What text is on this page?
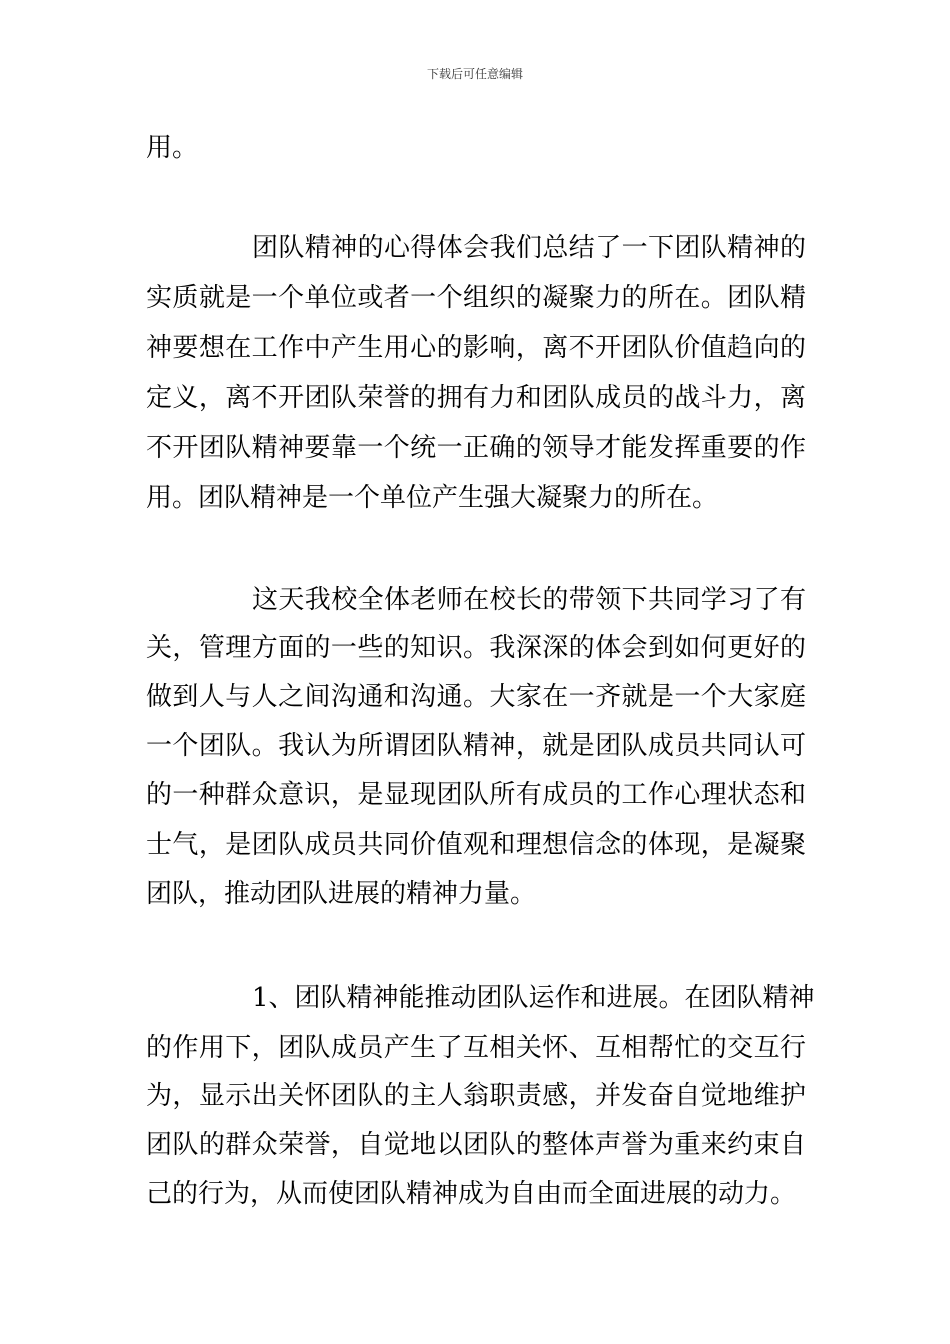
下载后可任意编辑
用。
团队精神的心得体会我们总结了一下团队精神的
实质就是一个单位或者一个组织的凝聚力的所在。团队精
神要想在工作中产生用心的影响，离不开团队价值趋向的
定义，离不开团队荣誉的拥有力和团队成员的战斗力，离
不开团队精神要靠一个统一正确的领导才能发挥重要的作
用。团队精神是一个单位产生强大凝聚力的所在。
这天我校全体老师在校长的带领下共同学习了有
关，管理方面的一些的知识。我深深的体会到如何更好的
做到人与人之间沟通和沟通。大家在一齐就是一个大家庭
一个团队。我认为所谓团队精神，就是团队成员共同认可
的一种群众意识，是显现团队所有成员的工作心理状态和
士气，是团队成员共同价值观和理想信念的体现，是凝聚
团队，推动团队进展的精神力量。
1、团队精神能推动团队运作和进展。在团队精神
的作用下，团队成员产生了互相关怀、互相帮忙的交互行
为，显示出关怀团队的主人翁职责感，并发奋自觉地维护
团队的群众荣誉，自觉地以团队的整体声誉为重来约束自
己的行为，从而使团队精神成为自由而全面进展的动力。
